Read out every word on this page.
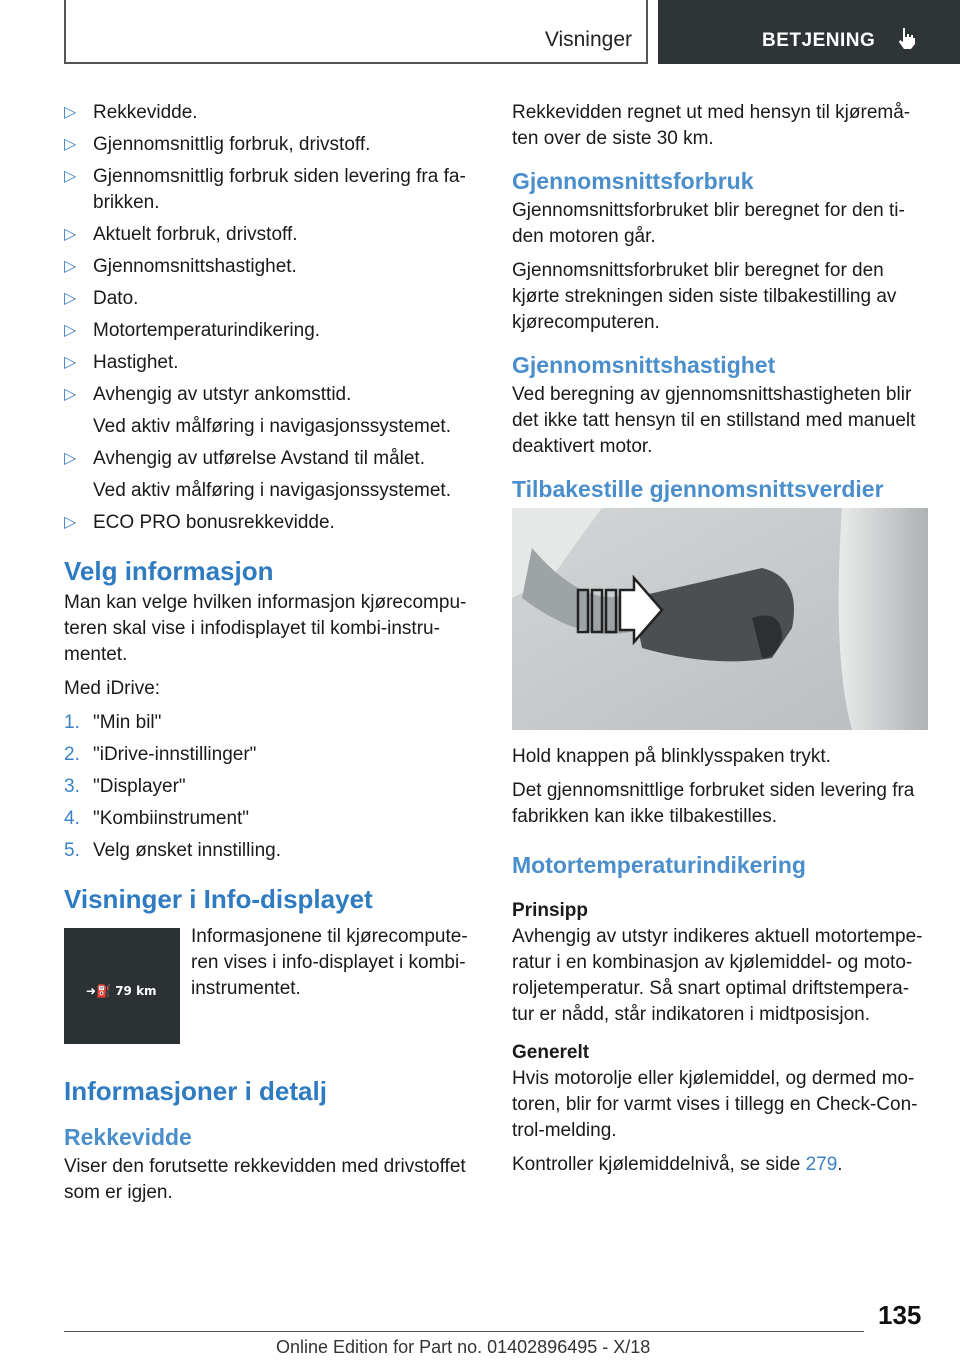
Visninger	BETJENING
▷ Rekkevidde.
▷ Gjennomsnittlig forbruk, drivstoff.
▷ Gjennomsnittlig forbruk siden levering fra fa-brikken.
▷ Aktuelt forbruk, drivstoff.
▷ Gjennomsnittshastighet.
▷ Dato.
▷ Motortemperaturindikering.
▷ Hastighet.
▷ Avhengig av utstyr ankomsttid.
Ved aktiv målføring i navigasjonssystemet.
▷ Avhengig av utførelse Avstand til målet.
Ved aktiv målføring i navigasjonssystemet.
▷ ECO PRO bonusrekkevidde.
Velg informasjon

Man kan velge hvilken informasjon kjørecompu-teren skal vise i infodisplayet til kombi-instru-mentet.

Med iDrive:

1. "Min bil"
2. "iDrive-innstillinger"
3. "Displayer"
4. "Kombiinstrument"
5. Velg ønsket innstilling.
Visninger i Info-displayet
➜⛽ 79 km
Informasjonene til kjørecompute-ren vises i info-displayet i kombi-instrumentet.
Informasjoner i detalj
Rekkevidde

Viser den forutsette rekkevidden med drivstoffet som er igjen.

Rekkevidden regnet ut med hensyn til kjøremå-ten over de siste 30 km.

Gjennomsnittsforbruk

Gjennomsnittsforbruket blir beregnet for den ti-den motoren går.

Gjennomsnittsforbruket blir beregnet for den kjørte strekningen siden siste tilbakestilling av kjørecomputeren.

Gjennomsnittshastighet

Ved beregning av gjennomsnittshastigheten blir det ikke tatt hensyn til en stillstand med manuelt deaktivert motor.

Tilbakestille gjennomsnittsverdier

Hold knappen på blinklysspaken trykt.

Det gjennomsnittlige forbruket siden levering fra fabrikken kan ikke tilbakestilles.

Motortemperaturindikering
Prinsipp

Avhengig av utstyr indikeres aktuell motortempe-ratur i en kombinasjon av kjølemiddel- og moto-roljetemperatur. Så snart optimal driftstempera-tur er nådd, står indikatoren i midtposisjon.

Generelt

Hvis motorolje eller kjølemiddel, og dermed mo-toren, blir for varmt vises i tillegg en Check-Con-trol-melding.

Kontroller kjølemiddelnivå, se side 279.

135
Online Edition for Part no. 01402896495 - X/18
